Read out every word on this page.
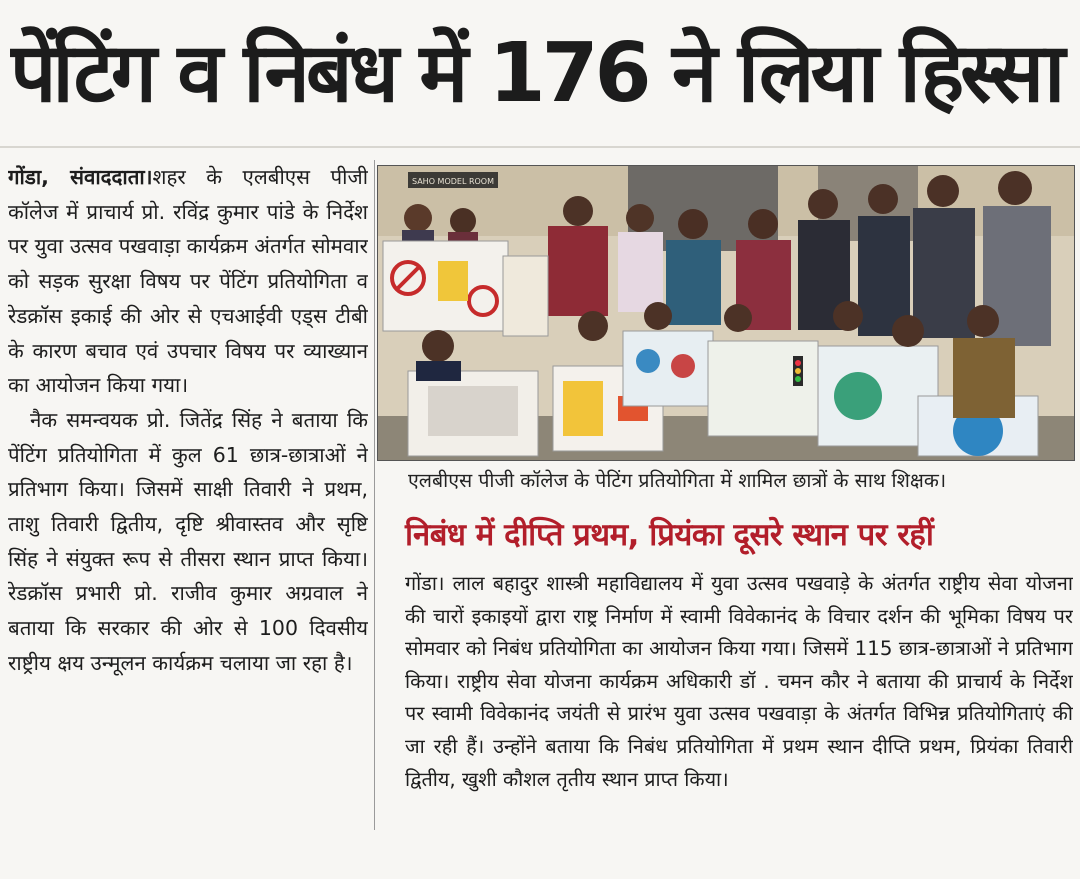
पेंटिंग व निबंध में 176 ने लिया हिस्सा

गोंडा, संवाददाता।शहर के एलबीएस पीजी कॉलेज में प्राचार्य प्रो. रविंद्र कुमार पांडे के निर्देश पर युवा उत्सव पखवाड़ा कार्यक्रम अंतर्गत सोमवार को सड़क सुरक्षा विषय पर पेंटिंग प्रतियोगिता व रेडक्रॉस इकाई की ओर से एचआईवी एड्स टीबी के कारण बचाव एवं उपचार विषय पर व्याख्यान का आयोजन किया गया।

नैक समन्वयक प्रो. जितेंद्र सिंह ने बताया कि पेंटिंग प्रतियोगिता में कुल 61 छात्र-छात्राओं ने प्रतिभाग किया। जिसमें साक्षी तिवारी ने प्रथम, ताशु तिवारी द्वितीय, दृष्टि श्रीवास्तव और सृष्टि सिंह ने संयुक्त रूप से तीसरा स्थान प्राप्त किया। रेडक्रॉस प्रभारी प्रो. राजीव कुमार अग्रवाल ने बताया कि सरकार की ओर से 100 दिवसीय राष्ट्रीय क्षय उन्मूलन कार्यक्रम चलाया जा रहा है।

SAHO MODEL ROOM
एलबीएस पीजी कॉलेज के पेटिंग प्रतियोगिता में शामिल छात्रों के साथ शिक्षक।
निबंध में दीप्ति प्रथम, प्रियंका दूसरे स्थान पर रहीं

गोंडा। लाल बहादुर शास्त्री महाविद्यालय में युवा उत्सव पखवाड़े के अंतर्गत राष्ट्रीय सेवा योजना की चारों इकाइयों द्वारा राष्ट्र निर्माण में स्वामी विवेकानंद के विचार दर्शन की भूमिका विषय पर सोमवार को निबंध प्रतियोगिता का आयोजन किया गया। जिसमें 115 छात्र-छात्राओं ने प्रतिभाग किया। राष्ट्रीय सेवा योजना कार्यक्रम अधिकारी डॉ . चमन कौर ने बताया की प्राचार्य के निर्देश पर स्वामी विवेकानंद जयंती से प्रारंभ युवा उत्सव पखवाड़ा के अंतर्गत विभिन्न प्रतियोगिताएं की जा रही हैं। उन्होंने बताया कि निबंध प्रतियोगिता में प्रथम स्थान दीप्ति प्रथम, प्रियंका तिवारी द्वितीय, खुशी कौशल तृतीय स्थान प्राप्त किया।
